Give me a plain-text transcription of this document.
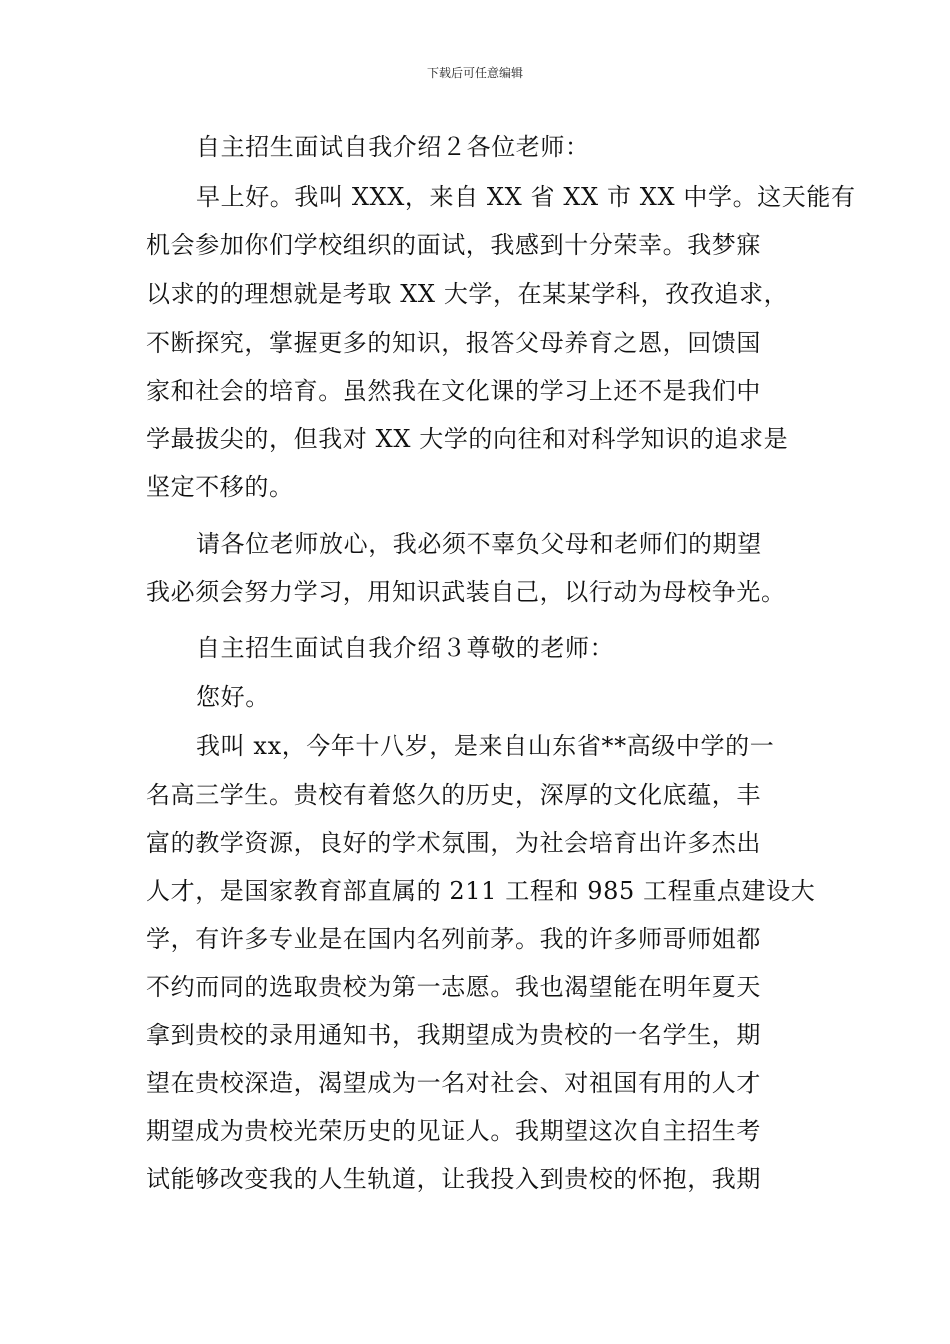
下载后可任意编辑
自主招生面试自我介绍２各位老师：
早上好。我叫 XXX，来自 XX 省 XX 市 XX 中学。这天能有
机会参加你们学校组织的面试，我感到十分荣幸。我梦寐
以求的的理想就是考取 XX 大学，在某某学科，孜孜追求，
不断探究，掌握更多的知识，报答父母养育之恩，回馈国
家和社会的培育。虽然我在文化课的学习上还不是我们中
学最拔尖的，但我对 XX 大学的向往和对科学知识的追求是
坚定不移的。
请各位老师放心，我必须不辜负父母和老师们的期望
我必须会努力学习，用知识武装自己，以行动为母校争光。
自主招生面试自我介绍３尊敬的老师：
您好。
我叫 xx，今年十八岁，是来自山东省**高级中学的一
名高三学生。贵校有着悠久的历史，深厚的文化底蕴，丰
富的教学资源，良好的学术氛围，为社会培育出许多杰出
人才，是国家教育部直属的 211 工程和 985 工程重点建设大
学，有许多专业是在国内名列前茅。我的许多师哥师姐都
不约而同的选取贵校为第一志愿。我也渴望能在明年夏天
拿到贵校的录用通知书，我期望成为贵校的一名学生，期
望在贵校深造，渴望成为一名对社会、对祖国有用的人才
期望成为贵校光荣历史的见证人。我期望这次自主招生考
试能够改变我的人生轨道，让我投入到贵校的怀抱，我期
